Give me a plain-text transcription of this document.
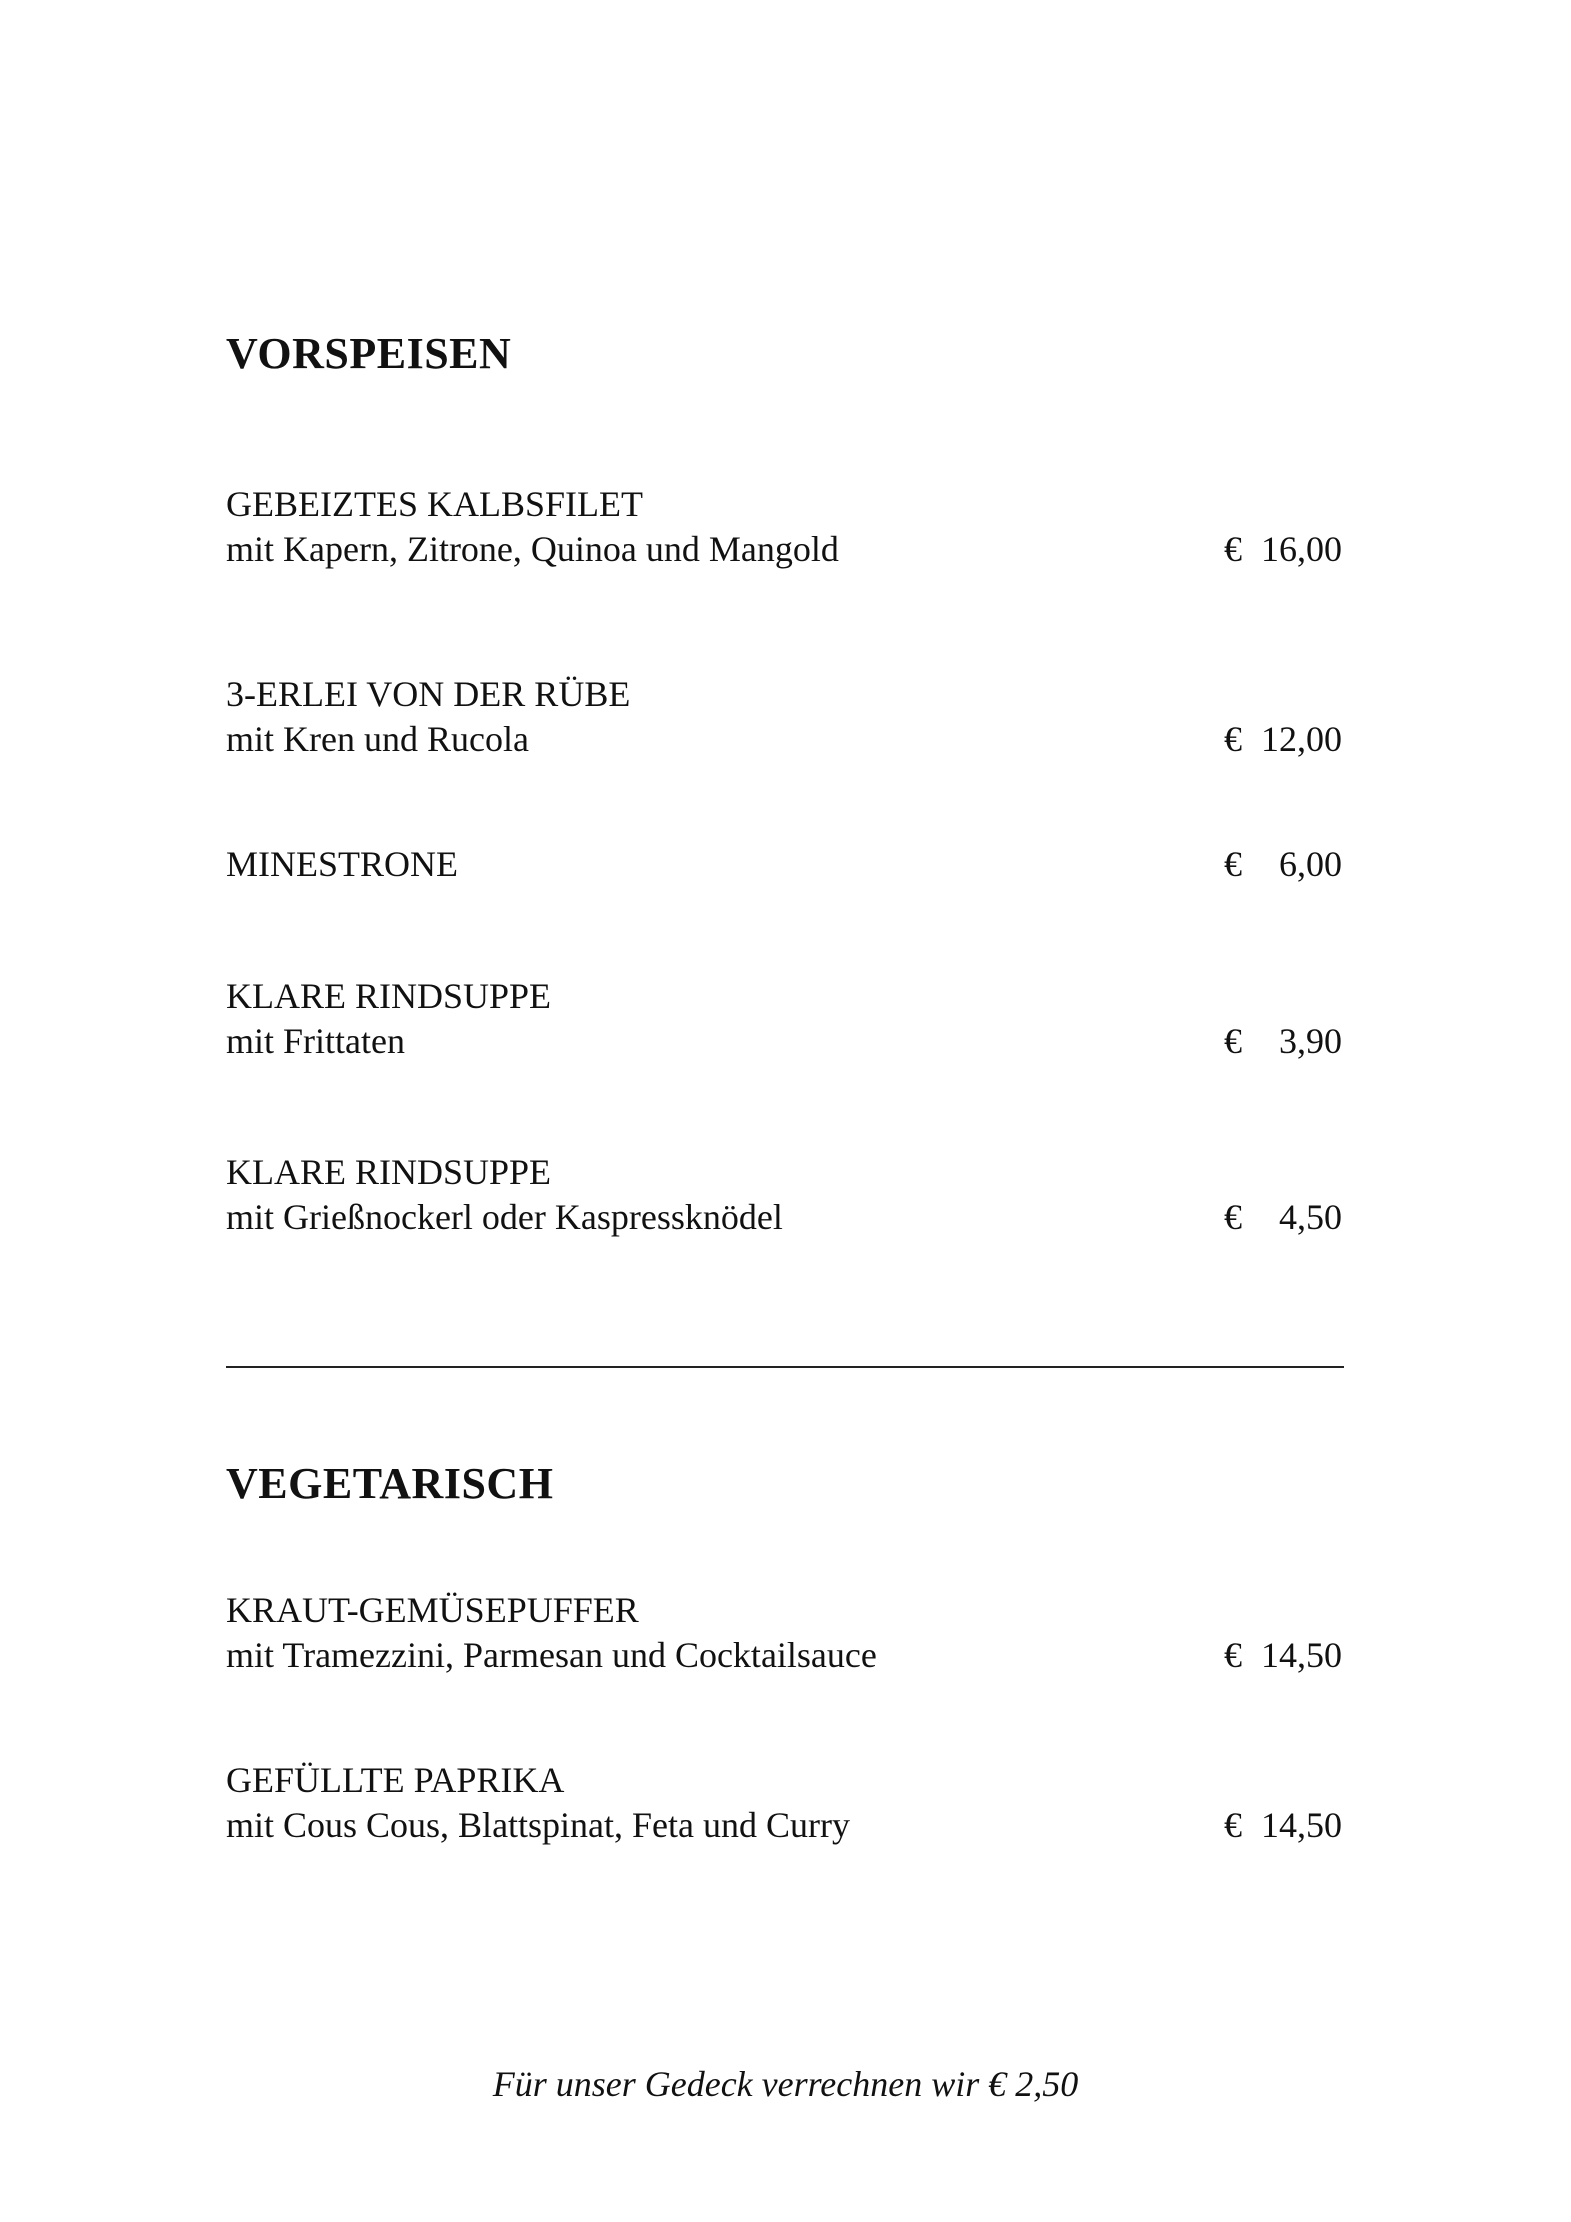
VORSPEISEN
GEBEIZTES KALBSFILET
mit Kapern, Zitrone, Quinoa und Mangold	€ 16,00
3-ERLEI VON DER RÜBE
mit Kren und Rucola	€ 12,00
MINESTRONE	€ 6,00
KLARE RINDSUPPE
mit Frittaten	€ 3,90
KLARE RINDSUPPE
mit Grießnockerl oder Kaspressknödel	€ 4,50
VEGETARISCH
KRAUT-GEMÜSEPUFFER
mit Tramezzini, Parmesan und Cocktailsauce	€ 14,50
GEFÜLLTE PAPRIKA
mit Cous Cous, Blattspinat, Feta und Curry	€ 14,50
Für unser Gedeck verrechnen wir € 2,50
